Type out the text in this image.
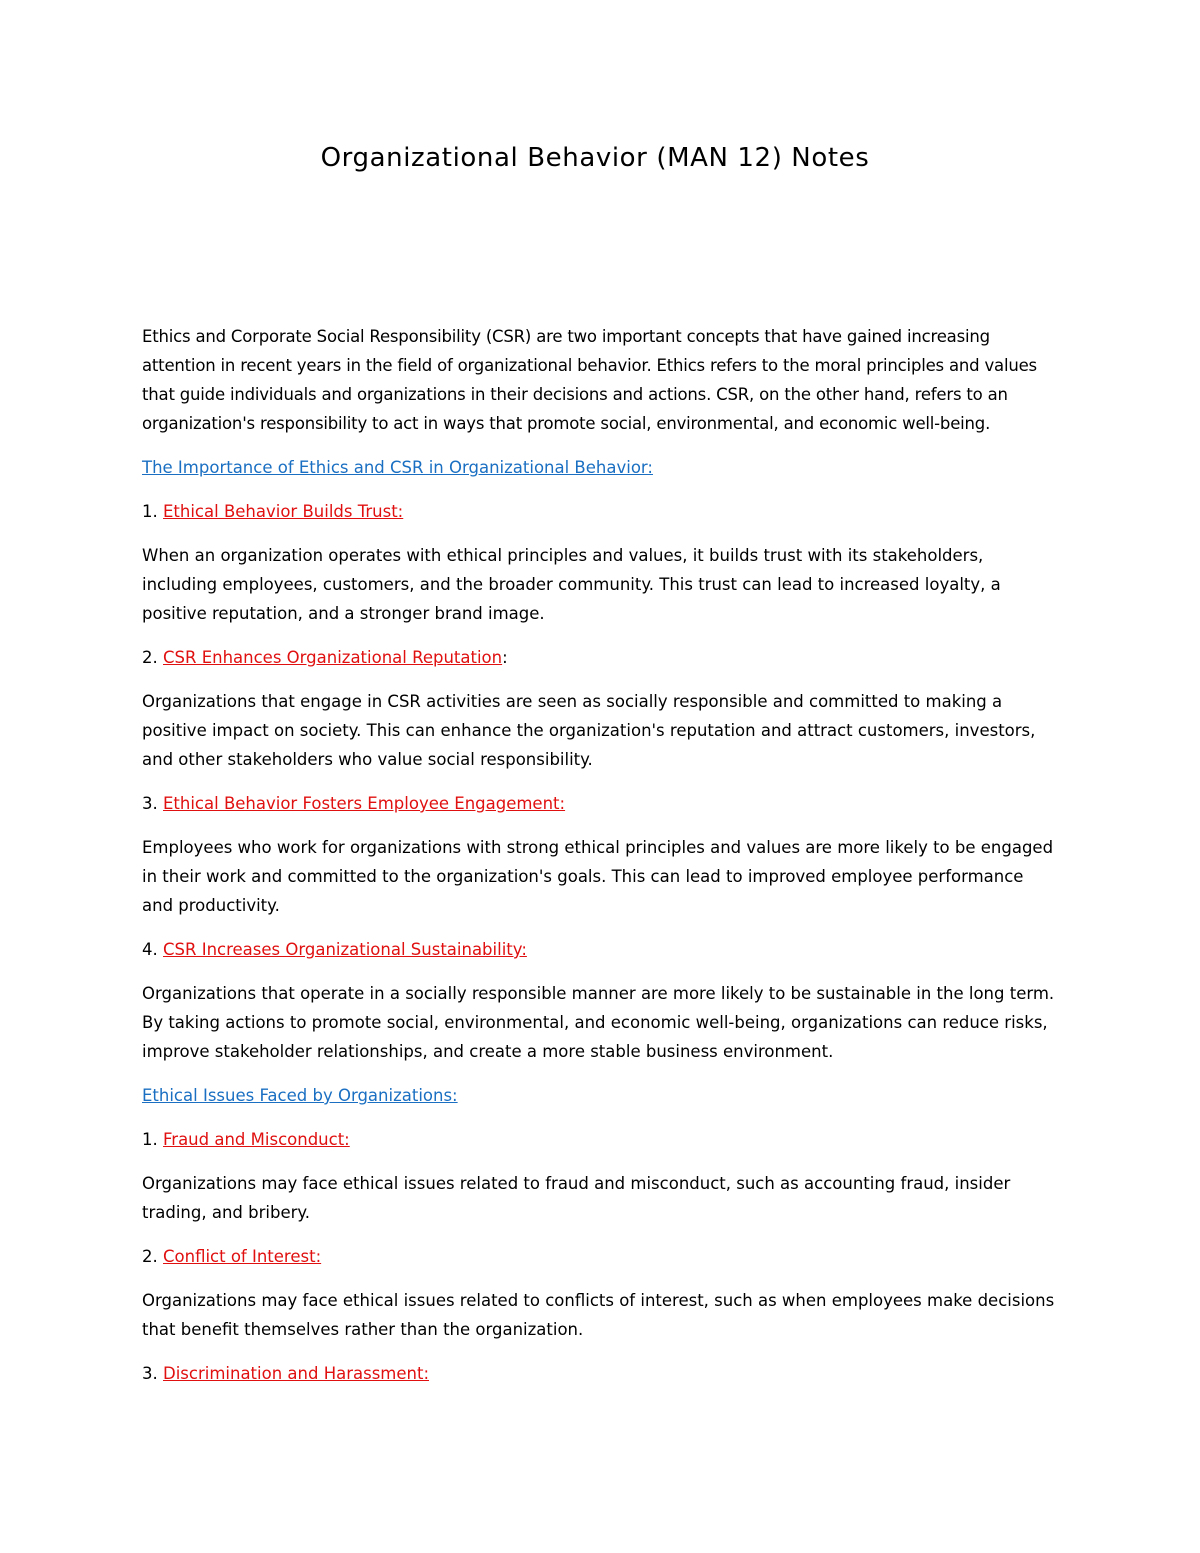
Organizational Behavior (MAN 12) Notes

Ethics and Corporate Social Responsibility (CSR) are two important concepts that have gained increasing attention in recent years in the field of organizational behavior. Ethics refers to the moral principles and values that guide individuals and organizations in their decisions and actions. CSR, on the other hand, refers to an organization's responsibility to act in ways that promote social, environmental, and economic well-being.

The Importance of Ethics and CSR in Organizational Behavior:

1. Ethical Behavior Builds Trust:

When an organization operates with ethical principles and values, it builds trust with its stakeholders, including employees, customers, and the broader community. This trust can lead to increased loyalty, a positive reputation, and a stronger brand image.

2. CSR Enhances Organizational Reputation:

Organizations that engage in CSR activities are seen as socially responsible and committed to making a positive impact on society. This can enhance the organization's reputation and attract customers, investors, and other stakeholders who value social responsibility.

3. Ethical Behavior Fosters Employee Engagement:

Employees who work for organizations with strong ethical principles and values are more likely to be engaged in their work and committed to the organization's goals. This can lead to improved employee performance and productivity.

4. CSR Increases Organizational Sustainability:

Organizations that operate in a socially responsible manner are more likely to be sustainable in the long term. By taking actions to promote social, environmental, and economic well-being, organizations can reduce risks, improve stakeholder relationships, and create a more stable business environment.

Ethical Issues Faced by Organizations:

1. Fraud and Misconduct:

Organizations may face ethical issues related to fraud and misconduct, such as accounting fraud, insider trading, and bribery.

2. Conflict of Interest:

Organizations may face ethical issues related to conflicts of interest, such as when employees make decisions that benefit themselves rather than the organization.

3. Discrimination and Harassment:
